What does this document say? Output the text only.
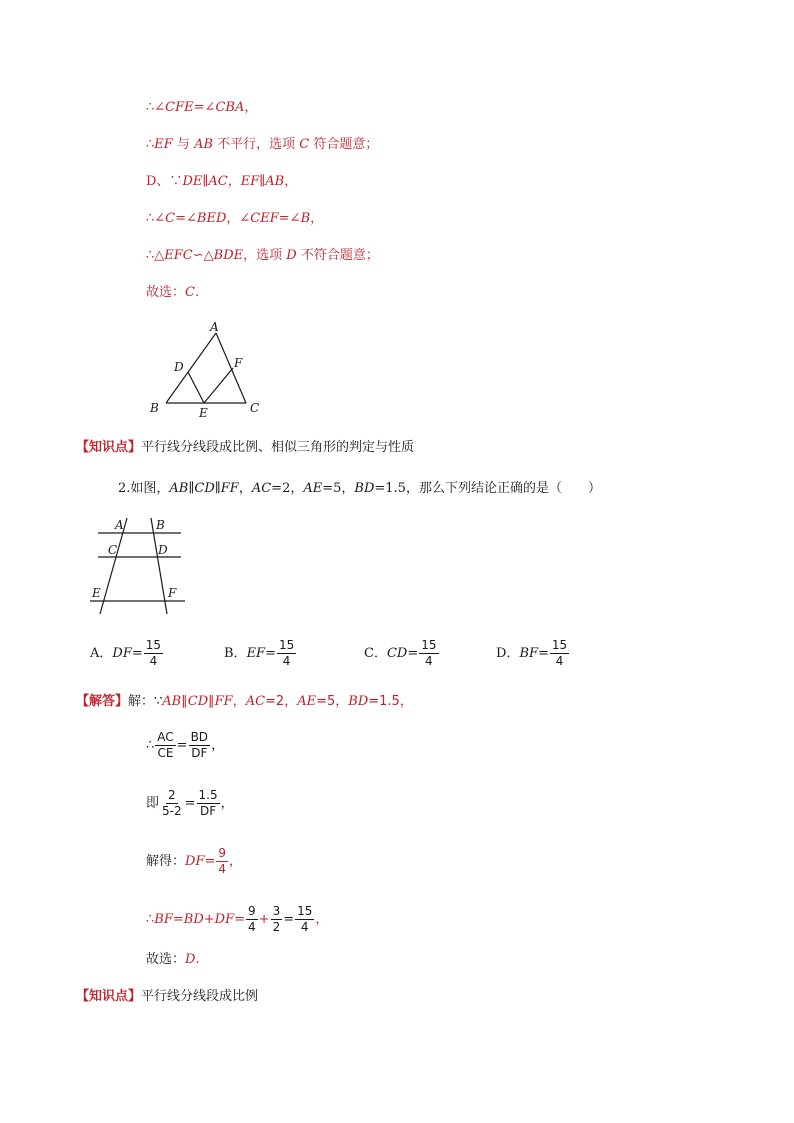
∴∠CFE=∠CBA，
∴EF 与 AB 不平行，选项 C 符合题意；
D、∵DE∥AC，EF∥AB，
∴∠C=∠BED，∠CEF=∠B，
∴△EFC∽△BDE，选项 D 不符合题意；
故选：C.
A
B	C
D
E
F
【知识点】平行线分线段成比例、相似三角形的判定与性质
2.如图，AB∥CD∥FF，AC=2，AE=5，BD=1.5，那么下列结论正确的是（　　）
A	B
C	D
E	F
A． DF = $\frac{15}{4}$	B． EF = $\frac{15}{4}$	C． CD = $\frac{15}{4}$	D． BF = $\frac{15}{4}$
【解答】解：∵AB∥CD∥FF，AC=2，AE=5，BD=1.5，
∴ $\frac{AC}{CE} = \frac{BD}{DF}$ ，
即 $\frac{2}{5-2} = \frac{1.5}{DF}$ ，
解得： DF = $\frac{9}{4}$ ，
∴ BF = BD + DF = $\frac{9}{4} + \frac{3}{2} = \frac{15}{4}$ ，
故选：D.
【知识点】平行线分线段成比例
